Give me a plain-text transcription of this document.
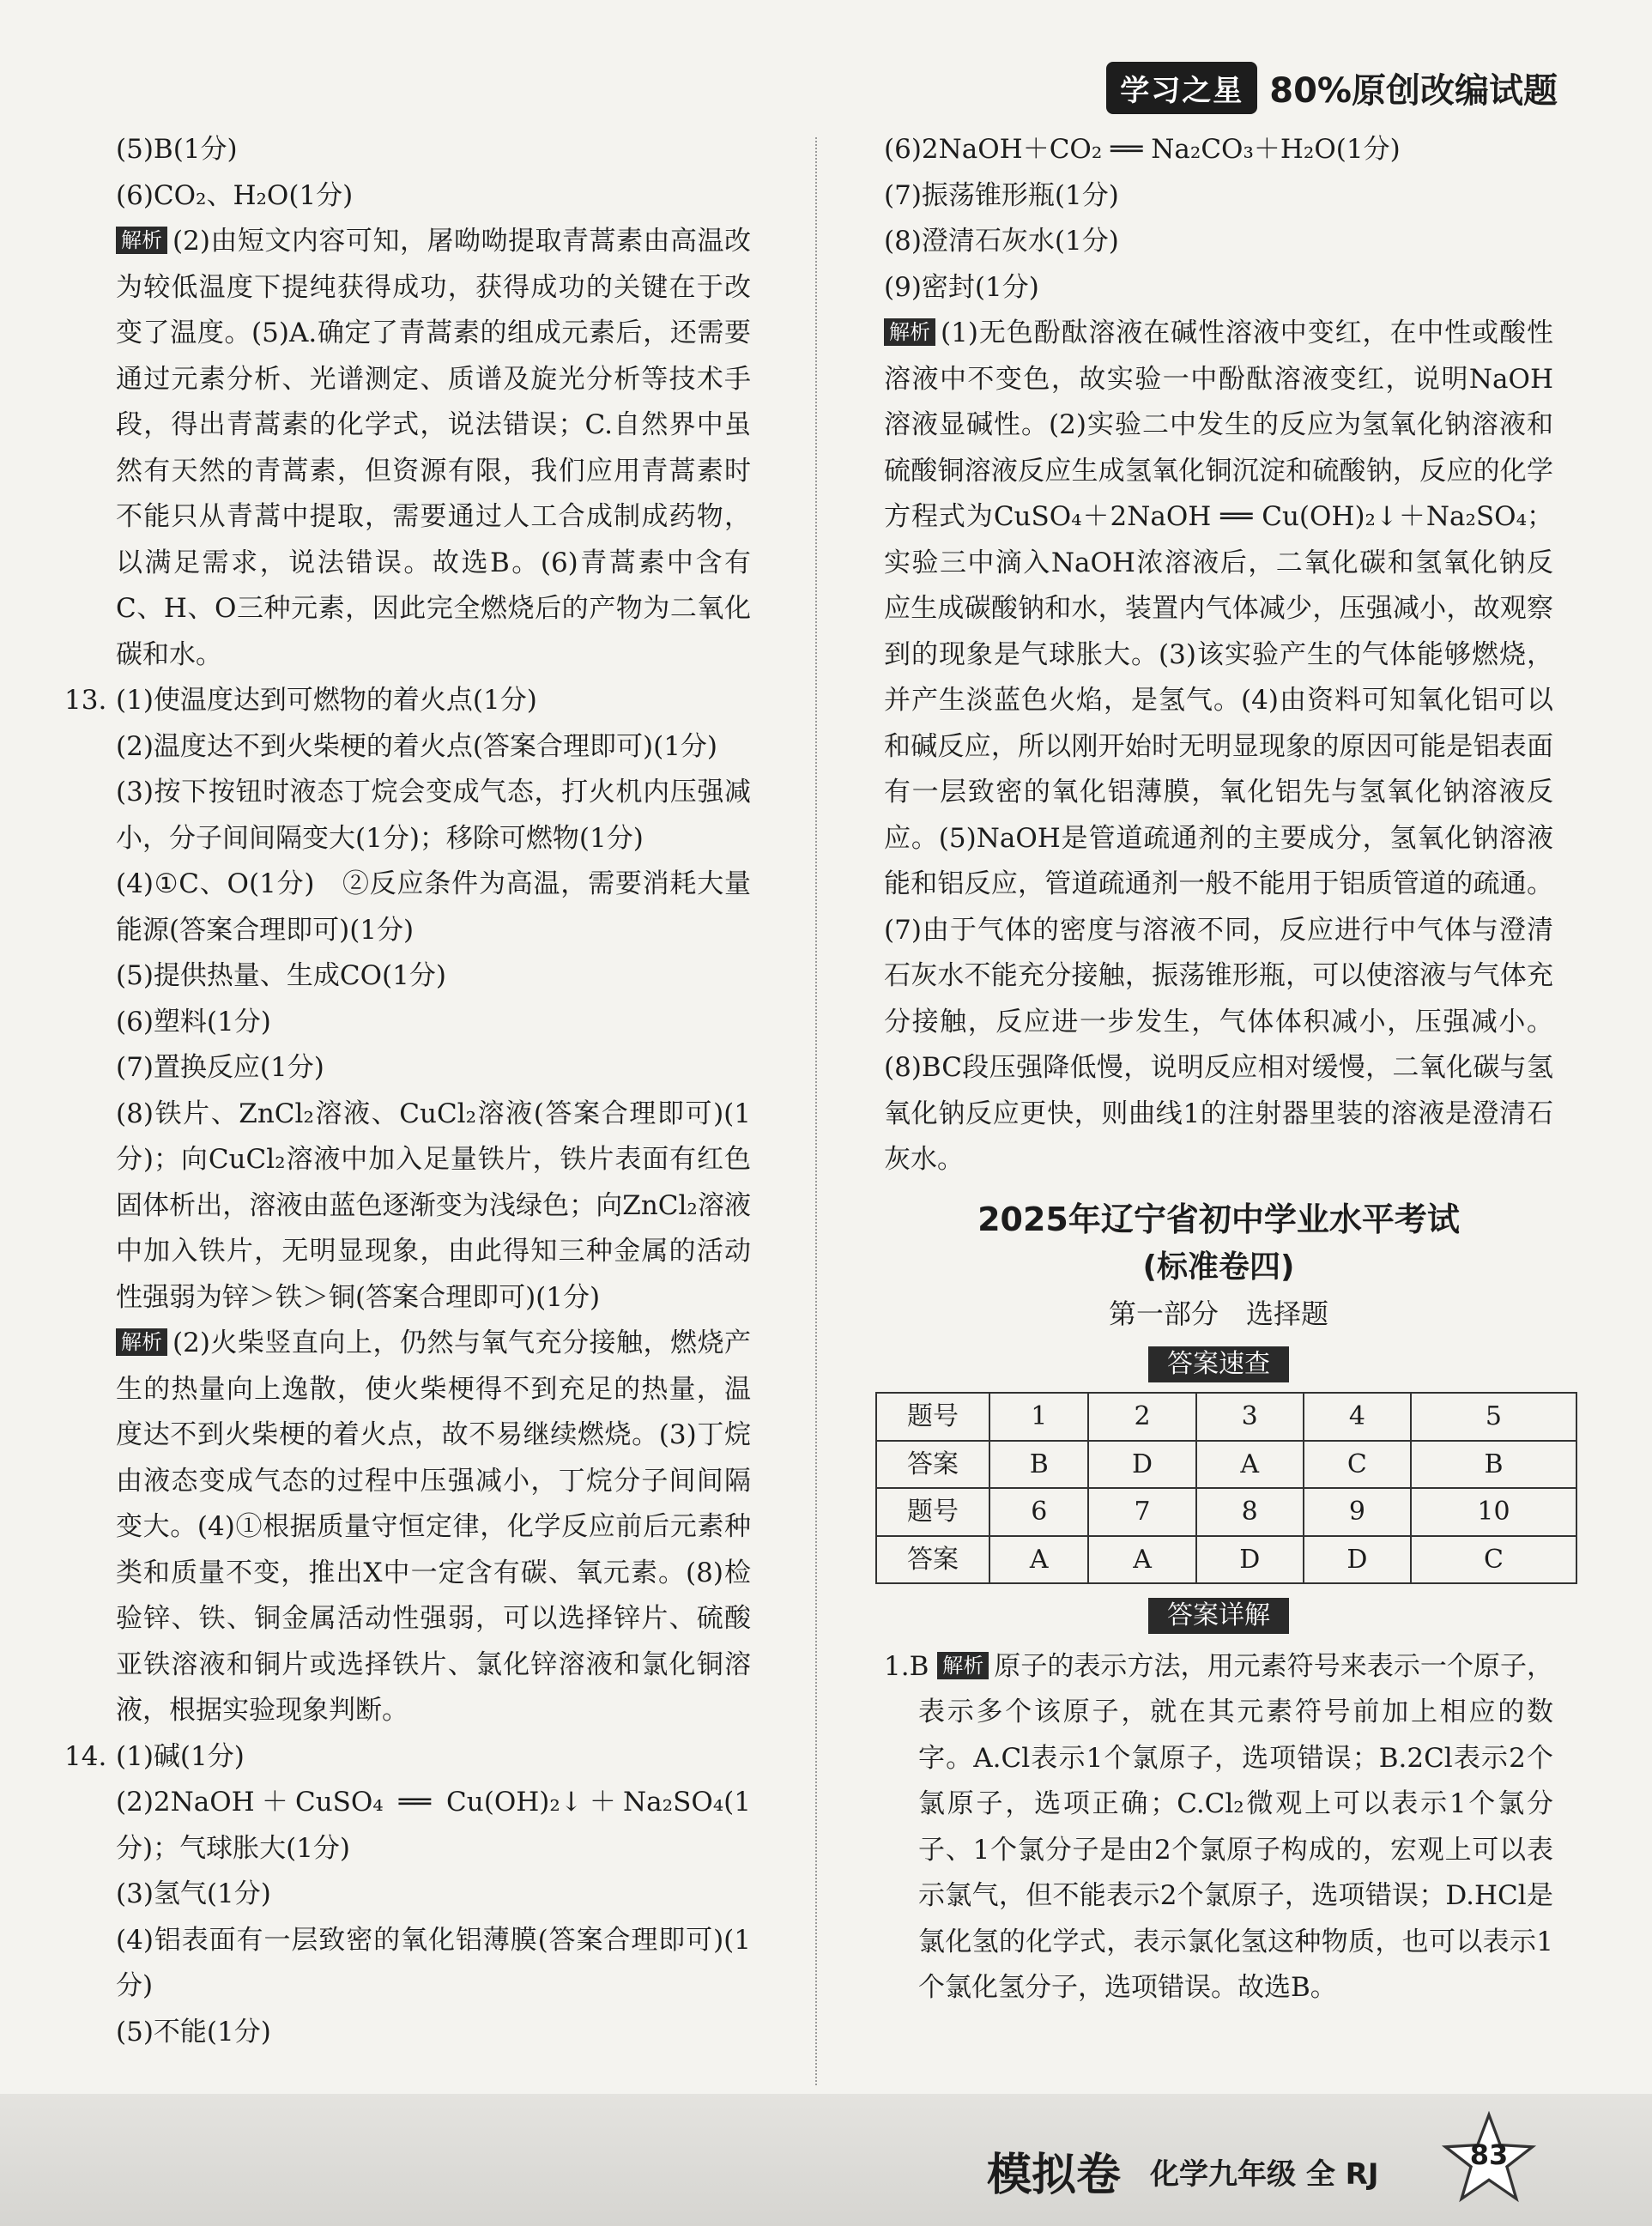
学习之星 80%原创改编试题
(5)B(1分)
(6)CO₂、H₂O(1分)
解析 (2)由短文内容可知，屠呦呦提取青蒿素由高温改为较低温度下提纯获得成功，获得成功的关键在于改变了温度。(5)A.确定了青蒿素的组成元素后，还需要通过元素分析、光谱测定、质谱及旋光分析等技术手段，得出青蒿素的化学式，说法错误；C.自然界中虽然有天然的青蒿素，但资源有限，我们应用青蒿素时不能只从青蒿中提取，需要通过人工合成制成药物，以满足需求，说法错误。故选B。(6)青蒿素中含有C、H、O三种元素，因此完全燃烧后的产物为二氧化碳和水。
13. (1)使温度达到可燃物的着火点(1分)
(2)温度达不到火柴梗的着火点(答案合理即可)(1分)
(3)按下按钮时液态丁烷会变成气态，打火机内压强减小，分子间间隔变大(1分)；移除可燃物(1分)
(4)①C、O(1分)　②反应条件为高温，需要消耗大量能源(答案合理即可)(1分)
(5)提供热量、生成CO(1分)
(6)塑料(1分)
(7)置换反应(1分)
(8)铁片、ZnCl₂溶液、CuCl₂溶液(答案合理即可)(1分)；向CuCl₂溶液中加入足量铁片，铁片表面有红色固体析出，溶液由蓝色逐渐变为浅绿色；向ZnCl₂溶液中加入铁片，无明显现象，由此得知三种金属的活动性强弱为锌＞铁＞铜(答案合理即可)(1分)
解析 (2)火柴竖直向上，仍然与氧气充分接触，燃烧产生的热量向上逸散，使火柴梗得不到充足的热量，温度达不到火柴梗的着火点，故不易继续燃烧。(3)丁烷由液态变成气态的过程中压强减小，丁烷分子间间隔变大。(4)①根据质量守恒定律，化学反应前后元素种类和质量不变，推出X中一定含有碳、氧元素。(8)检验锌、铁、铜金属活动性强弱，可以选择锌片、硫酸亚铁溶液和铜片或选择铁片、氯化锌溶液和氯化铜溶液，根据实验现象判断。
14. (1)碱(1分)
(2)2NaOH＋CuSO₄ ══ Cu(OH)₂↓＋Na₂SO₄(1分)；气球胀大(1分)
(3)氢气(1分)
(4)铝表面有一层致密的氧化铝薄膜(答案合理即可)(1分)
(5)不能(1分)
(6)2NaOH＋CO₂ ══ Na₂CO₃＋H₂O(1分)
(7)振荡锥形瓶(1分)
(8)澄清石灰水(1分)
(9)密封(1分)
解析 (1)无色酚酞溶液在碱性溶液中变红，在中性或酸性溶液中不变色，故实验一中酚酞溶液变红，说明NaOH溶液显碱性。(2)实验二中发生的反应为氢氧化钠溶液和硫酸铜溶液反应生成氢氧化铜沉淀和硫酸钠，反应的化学方程式为CuSO₄＋2NaOH ══ Cu(OH)₂↓＋Na₂SO₄；实验三中滴入NaOH浓溶液后，二氧化碳和氢氧化钠反应生成碳酸钠和水，装置内气体减少，压强减小，故观察到的现象是气球胀大。(3)该实验产生的气体能够燃烧，并产生淡蓝色火焰，是氢气。(4)由资料可知氧化铝可以和碱反应，所以刚开始时无明显现象的原因可能是铝表面有一层致密的氧化铝薄膜，氧化铝先与氢氧化钠溶液反应。(5)NaOH是管道疏通剂的主要成分，氢氧化钠溶液能和铝反应，管道疏通剂一般不能用于铝质管道的疏通。(7)由于气体的密度与溶液不同，反应进行中气体与澄清石灰水不能充分接触，振荡锥形瓶，可以使溶液与气体充分接触，反应进一步发生，气体体积减小，压强减小。(8)BC段压强降低慢，说明反应相对缓慢，二氧化碳与氢氧化钠反应更快，则曲线1的注射器里装的溶液是澄清石灰水。
2025年辽宁省初中学业水平考试
(标准卷四)
第一部分　选择题
答案速查
题号	1	2	3	4	5
答案	B	D	A	C	B
题号	6	7	8	9	10
答案	A	A	D	D	C
答案详解
1.B 解析 原子的表示方法，用元素符号来表示一个原子，表示多个该原子，就在其元素符号前加上相应的数字。A.Cl表示1个氯原子，选项错误；B.2Cl表示2个氯原子，选项正确；C.Cl₂微观上可以表示1个氯分子、1个氯分子是由2个氯原子构成的，宏观上可以表示氯气，但不能表示2个氯原子，选项错误；D.HCl是氯化氢的化学式，表示氯化氢这种物质，也可以表示1个氯化氢分子，选项错误。故选B。
模拟卷 化学九年级 全 RJ
83
